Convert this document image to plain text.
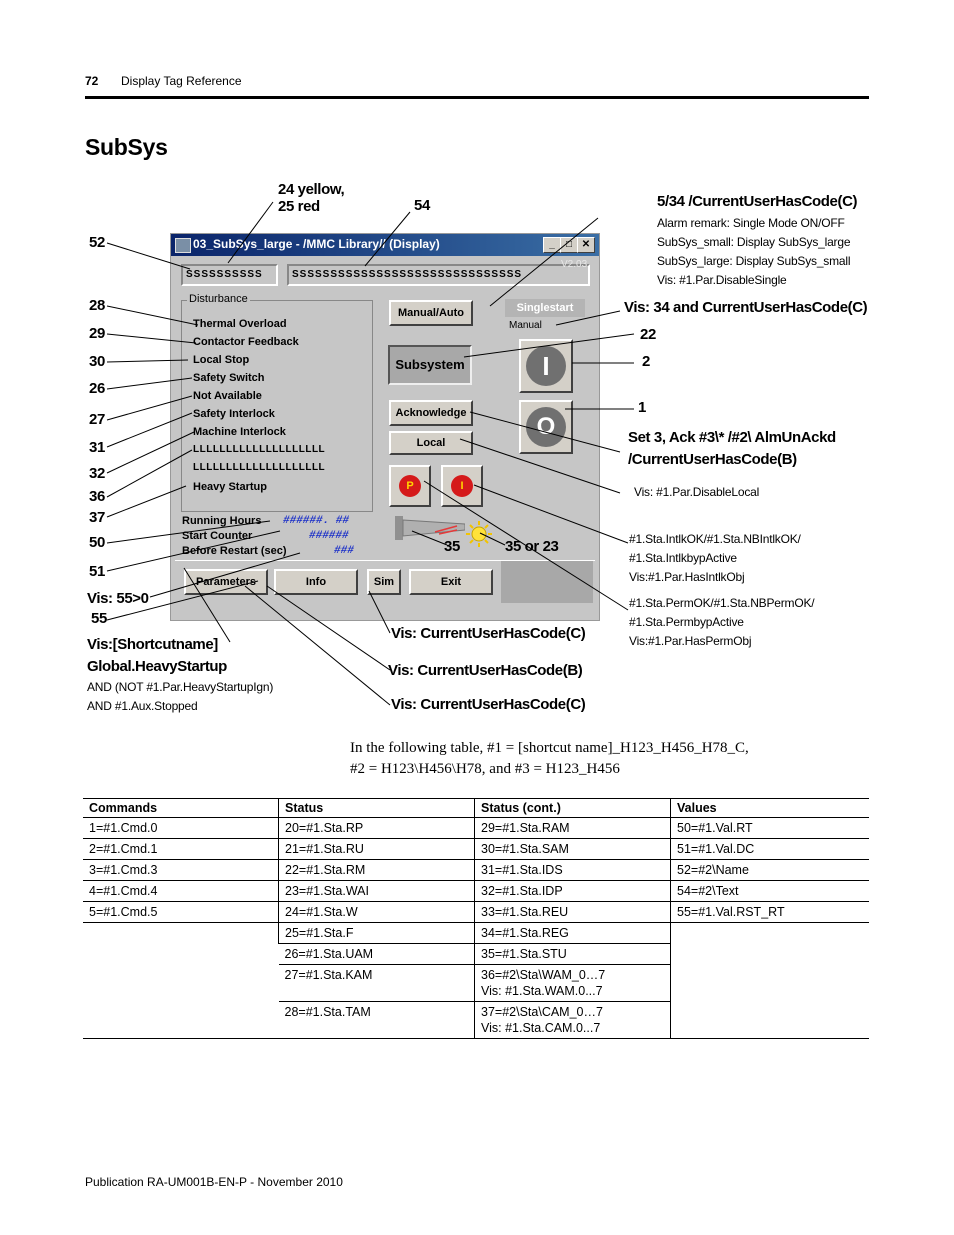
72 Display Tag Reference
SubSys
03_SubSys_large - /MMC Library// (Display)	_	□ ✕
SSSSSSSSSS	SSSSSSSSSSSSSSSSSSSSSSSSSSSSSS
V2.03
Disturbance
Thermal Overload
Contactor Feedback
Local Stop
Safety Switch
Not Available
Safety Interlock
Machine Interlock
LLLLLLLLLLLLLLLLLLLL
LLLLLLLLLLLLLLLLLLLL
Heavy Startup
Manual/Auto
Subsystem
Acknowledge
Local
Singlestart
Manual
I
O
P	I
Running Hours ######. ##
Start Counter	######
Before Restart (sec)	###
Parameters	Info	Sim	Exit
24 yellow,
25 red	54	5/34 /CurrentUserHasCode(C)
Alarm remark: Single Mode ON/OFF
SubSys_small: Display SubSys_large
SubSys_large: Display SubSys_small
Vis: #1.Par.DisableSingle
52
28
29
30
26
27
31
32
36
37
50
51
Vis: 55>0
55
Vis:[Shortcutname]
Global.HeavyStartup
AND (NOT #1.Par.HeavyStartupIgn)
AND #1.Aux.Stopped
Vis: 34 and CurrentUserHasCode(C)
22
2
1
Set 3, Ack #3\* /#2\ AlmUnAckd
/CurrentUserHasCode(B)
Vis: #1.Par.DisableLocal
#1.Sta.IntlkOK/#1.Sta.NBIntlkOK/
#1.Sta.IntlkbypActive
Vis:#1.Par.HasIntlkObj
#1.Sta.PermOK/#1.Sta.NBPermOK/
#1.Sta.PermbypActive
Vis:#1.Par.HasPermObj
35	35 or 23
Vis: CurrentUserHasCode(C)
Vis: CurrentUserHasCode(B)
Vis: CurrentUserHasCode(C)
In the following table, #1 = [shortcut name]_H123_H456_H78_C,
#2 = H123\H456\H78, and #3 = H123_H456
Commands	Status	Status (cont.)	Values
1=#1.Cmd.0	20=#1.Sta.RP	29=#1.Sta.RAM	50=#1.Val.RT
2=#1.Cmd.1	21=#1.Sta.RU	30=#1.Sta.SAM	51=#1.Val.DC
3=#1.Cmd.3	22=#1.Sta.RM	31=#1.Sta.IDS	52=#2\Name
4=#1.Cmd.4	23=#1.Sta.WAI	32=#1.Sta.IDP	54=#2\Text
5=#1.Cmd.5	24=#1.Sta.W	33=#1.Sta.REU	55=#1.Val.RST_RT
	25=#1.Sta.F	34=#1.Sta.REG	
	26=#1.Sta.UAM	35=#1.Sta.STU	
	27=#1.Sta.KAM	36=#2\Sta\WAM_0…7
Vis: #1.Sta.WAM.0...7	

	28=#1.Sta.TAM	37=#2\Sta\CAM_0…7
Vis: #1.Sta.CAM.0...7	
Publication RA-UM001B-EN-P - November 2010
